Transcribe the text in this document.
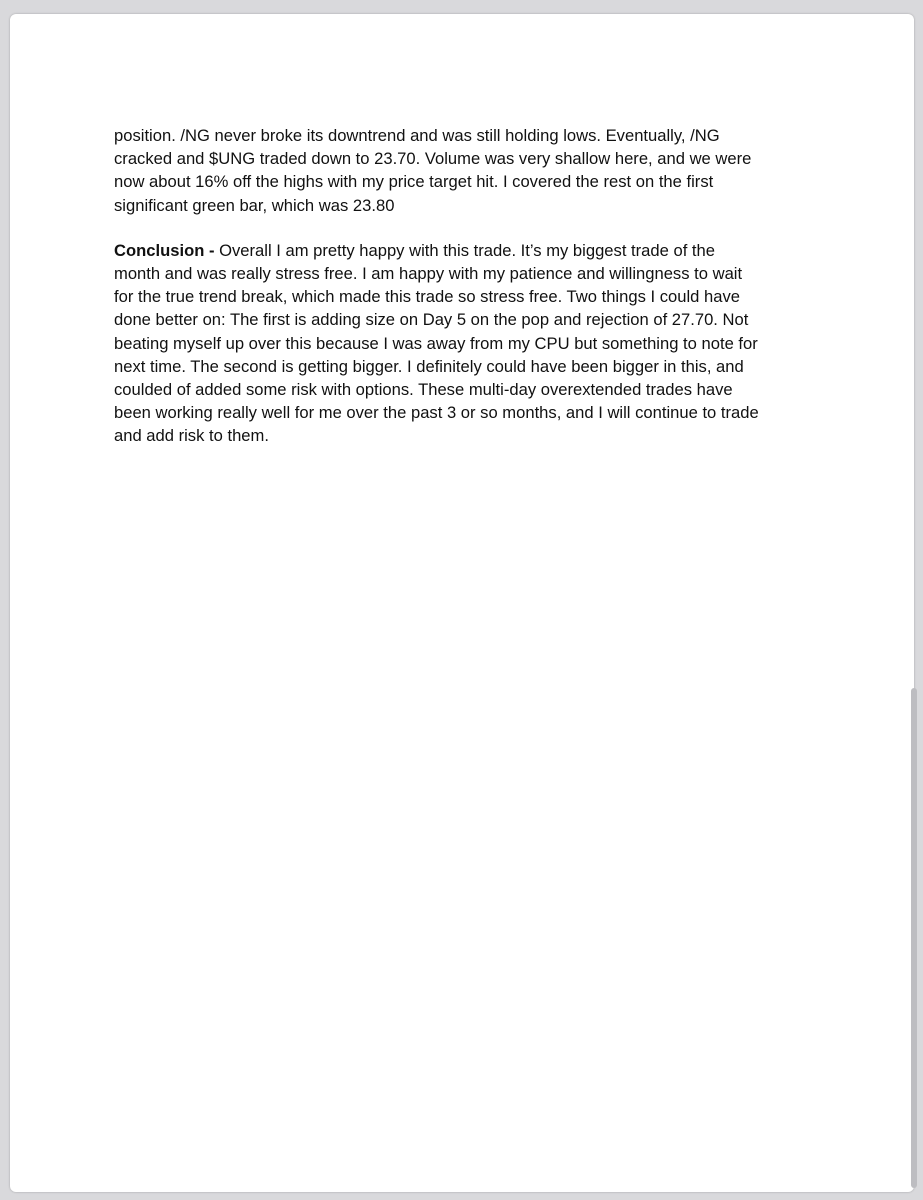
position. /NG never broke its downtrend and was still holding lows. Eventually, /NG
cracked and $UNG traded down to 23.70. Volume was very shallow here, and we were
now about 16% off the highs with my price target hit. I covered the rest on the first
significant green bar, which was 23.80

Conclusion - Overall I am pretty happy with this trade. It’s my biggest trade of the
month and was really stress free. I am happy with my patience and willingness to wait
for the true trend break, which made this trade so stress free. Two things I could have
done better on: The first is adding size on Day 5 on the pop and rejection of 27.70. Not
beating myself up over this because I was away from my CPU but something to note for
next time. The second is getting bigger. I definitely could have been bigger in this, and
coulded of added some risk with options. These multi-day overextended trades have
been working really well for me over the past 3 or so months, and I will continue to trade
and add risk to them.
